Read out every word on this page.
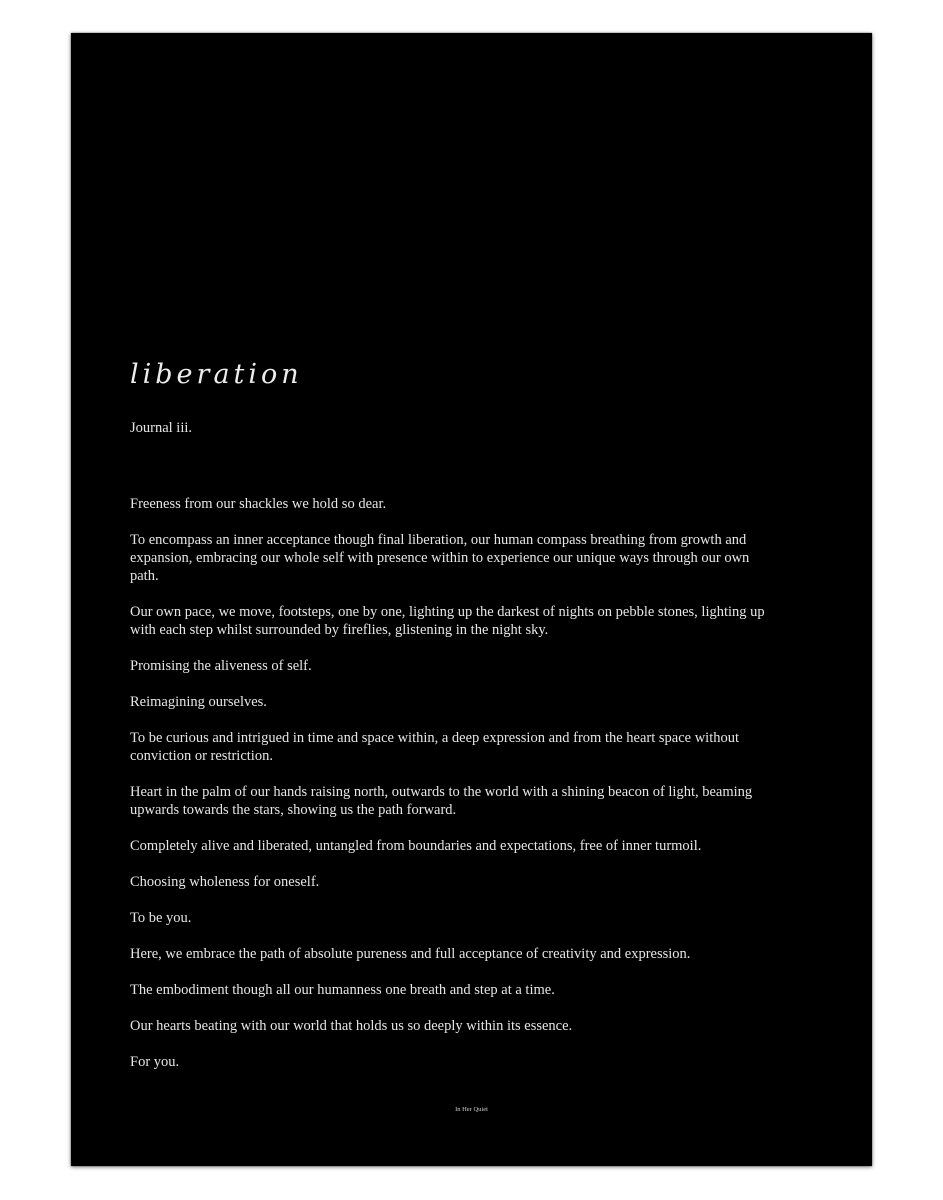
liberation
Journal iii.

Freeness from our shackles we hold so dear.

To encompass an inner acceptance though final liberation, our human compass breathing from growth and expansion, embracing our whole self with presence within to experience our unique ways through our own path.

Our own pace, we move, footsteps, one by one, lighting up the darkest of nights on pebble stones, lighting up with each step whilst surrounded by fireflies, glistening in the night sky.

Promising the aliveness of self.

Reimagining ourselves.

To be curious and intrigued in time and space within, a deep expression and from the heart space without conviction or restriction.

Heart in the palm of our hands raising north, outwards to the world with a shining beacon of light, beaming upwards towards the stars, showing us the path forward.

Completely alive and liberated, untangled from boundaries and expectations, free of inner turmoil.

Choosing wholeness for oneself.

To be you.

Here, we embrace the path of absolute pureness and full acceptance of creativity and expression.

The embodiment though all our humanness one breath and step at a time.

Our hearts beating with our world that holds us so deeply within its essence.

For you.

In Her Quiet
